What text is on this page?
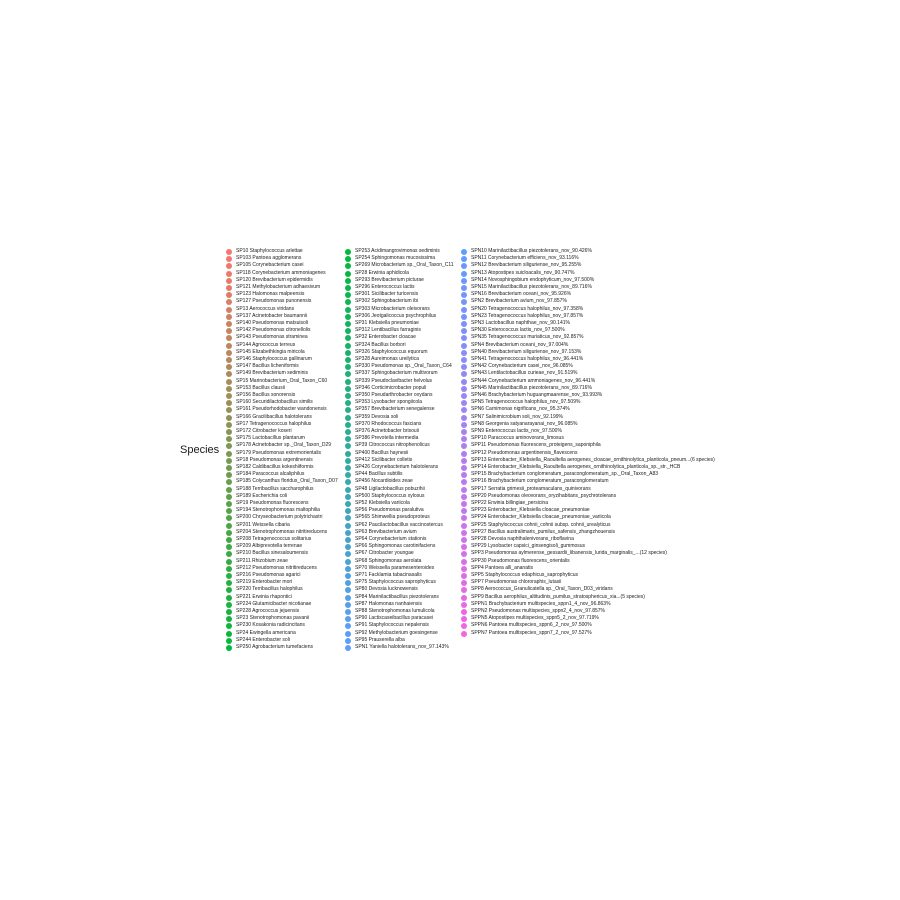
Species
SP10 Staphylococcus arlettae
SP103 Pantoea agglomerans
SP105 Corynebacterium casei
SP118 Corynebacterium ammoniagenes
SP120 Brevibacterium epidermidis
SP121 Methylobacterium adhaesivum
SP123 Halomonas malpeensis
SP127 Pseudomonas punonensis
SP13 Aerococcus viridans
SP137 Acinetobacter baumannii
SP140 Pseudomonas matsuisoli
SP142 Pseudomonas citronellolis
SP143 Pseudomonas straminea
SP144 Agrococcus terreus
SP145 Elizabethkingia miricola
SP146 Staphylococcus gallinarum
SP147 Bacillus licheniformis
SP149 Brevibacterium sediminis
SP15 Marinobacterium_Oral_Taxon_C60
SP153 Bacillus clausii
SP156 Bacillus sonorensis
SP160 Securidilactobacillus similis
SP161 Pseudorhodobacter wandonensis
SP166 Gracilibacillus halotolerans
SP17 Tetragenococcus halophilus
SP172 Citrobacter koseri
SP175 Lactobacillus plantarum
SP178 Acinetobacter sp._Oral_Taxon_D29
SP179 Pseudomonas extremorientalis
SP18 Pseudomonas argentinensis
SP182 Caldibacillus kokeshiiformis
SP184 Paracoccus alcaliphilus
SP185 Colycanthus floridus_Oral_Taxon_D07
SP188 Terribacillus saccharophilus
SP189 Escherichia coli
SP19 Pseudomonas fluorescens
SP194 Stenotrophomonas maltophilia
SP200 Chryseobacterium polytrichastri
SP201 Weissella cibaria
SP204 Stenotrophomonas nitritireducens
SP208 Tetragenococcus solitarius
SP209 Albiprevotella terrenae
SP210 Bacillus sinesaloumensis
SP211 Rhizobium zeae
SP212 Pseudomonas nitritireducens
SP216 Pseudomonas agarici
SP219 Enterobacter mori
SP220 Terribacillus halophilus
SP221 Erwinia rhapontici
SP224 Glutamicibacter nicotianae
SP228 Agrococcus jejuensis
SP23 Stenotrophomonas pavanii
SP230 Kosakonia radicincitans
SP24 Ewingella americana
SP244 Enterobacter soli
SP250 Agrobacterium tumefaciens
SP253 Acidimangrovimonas sediminis
SP254 Sphingomonas mucosissima
SP269 Microbacterium sp._Oral_Taxon_C11
SP28 Erwinia aphidicola
SP293 Brevibacterium picturae
SP296 Enterococcus lactis
SP301 Sicilibacter turicensis
SP302 Sphingobacterium ibi
SP303 Microbacterium oleivorans
SP306 Jeotgalicoccus psychrophilus
SP31 Klebsiella pneumoniae
SP312 Lentibacillus farraginis
SP32 Enterobacter cloacae
SP324 Bacillus borbori
SP326 Staphylococcus equorum
SP328 Aureimonas ureilytica
SP330 Pseudomonas sp._Oral_Taxon_C64
SP337 Sphingobacterium multivorum
SP339 Pseudoclavibacter helvolus
SP346 Corticimicrobacter populi
SP350 Pseudarthrobacter oxydans
SP353 Lysobacter spongiicola
SP357 Brevibacterium senegalense
SP359 Devosia soli
SP370 Rhodococcus fascians
SP376 Acinetobacter brisouii
SP386 Prevotella intermedia
SP39 Citrococcus nitrophenolicus
SP400 Bacillus haynesii
SP412 Sicilibacter colletis
SP426 Corynebacterium halotolerans
SP44 Bacillus subtilis
SP456 Nocardioides zeae
SP48 Ligilactobacillus pobuzihii
SP500 Staphylococcus xylosus
SP52 Klebsiella variicola
SP56 Pseudomonas paralutiva
SP565 Shimwellia pseudoproteus
SP62 Paucilactobacillus vaccinostercus
SP63 Brevibacterium avium
SP64 Corynebacterium stationis
SP66 Sphingomonas carotinifaciens
SP67 Citrobacter youngae
SP68 Sphingomonas aerolata
SP70 Weissella paramesenteroides
SP71 Facklamia tabacinasalis
SP75 Staphylococcus saprophyticus
SP80 Devosia lucknowensis
SP84 Marinilactibacillus piezotolerans
SP87 Halomonas nanhaiensis
SP88 Stenotrophomonas lumulicola
SP90 Lactiscaseibacillus paracasei
SP91 Staphylococcus nepalensis
SP92 Methylobacterium goesingense
SP95 Prauserella alba
SPN1 Yaniella halotolerans_nov_97.143%
SPN10 Marinilactibacillus piezotolerans_nov_90.426%
SPN11 Corynebacterium efficiens_nov_93.116%
SPN12 Brevibacterium siliguriense_nov_95.255%
SPN13 Atopostipes suicloacalis_nov_90.747%
SPN14 Novosphingobium endophyticum_nov_97.500%
SPN15 Marinilactibacillus piezotolerans_nov_89.716%
SPN16 Brevibacterium oceani_nov_95.926%
SPN2 Brevibacterium avium_nov_97.857%
SPN20 Tetragenococcus halophilus_nov_97.358%
SPN23 Tetragenococcus halophilus_nov_97.857%
SPN3 Lactobacillus naphthae_nov_90.141%
SPN30 Enterococcus lactis_nov_97.500%
SPN35 Tetragenococcus muriaticus_nov_92.857%
SPN4 Brevibacterium oceani_nov_97.004%
SPN40 Brevibacterium siliguriense_nov_97.153%
SPN41 Tetragenococcus halophilus_nov_96.441%
SPN42 Corynebacterium casei_nov_96.085%
SPN43 Lentilactobacillus curieae_nov_91.519%
SPN44 Corynebacterium ammoniagenes_nov_96.441%
SPN45 Marinilactibacillus piezotolerans_nov_89.716%
SPN46 Brachybacterium huguangmaarense_nov_93.993%
SPN5 Tetragenococcus halophilus_nov_97.509%
SPN6 Carnimonas nigrificans_nov_95.374%
SPN7 Salinimicrobium soli_nov_92.199%
SPN8 Georgenia satyanarayanai_nov_96.085%
SPN9 Enterococcus lactis_nov_97.500%
SPP10 Paracoccus aminovorans_limosus
SPP11 Pseudomonas fluorescens_proteigens_saponiphila
SPP12 Pseudomonas argentinensis_flavescens
SPP13 Enterobacter_Klebsiella_Raoultella aerogenes_cloacae_ornithinolytica_planticola_pneum...(6 species)
SPP14 Enterobacter_Klebsiella_Raoultella aerogenes_ornithinolytica_planticola_sp._str._HCB
SPP15 Brachybacterium conglomeratum_paraconglomeratum_sp._Oral_Taxon_A83
SPP16 Brachybacterium conglomeratum_paraconglomeratum
SPP17 Serratia grimesii_proteamaculans_quinivorans
SPP20 Pseudomonas oleovorans_oryzihabitans_psychrotolerans
SPP22 Erwinia billingiae_persicina
SPP23 Enterobacter_Klebsiella cloacae_pneumoniae
SPP24 Enterobacter_Klebsiella cloacae_pneumoniae_variicola
SPP25 Staphylococcus cohnii_cohnii subsp. cohnii_urealyticus
SPP27 Bacillus australimaris_pumilus_safensis_zhangzhouensis
SPP28 Devosia naphthalenivorans_riboflavina
SPP29 Lysobacter capsici_ginsengisoli_gummosus
SPP3 Pseudomonas aylmerense_gessardii_libanensis_lurida_marginalis_...(12 species)
SPP30 Pseudomonas fluorescens_orientalis
SPP4 Pantoea alli_ananatis
SPP5 Staphylococcus edaphicus_saprophyticus
SPP7 Pseudomonas chlororaphis_lutasii
SPP8 Aerococcus_Granulicatella sp._Oral_Taxon_D03_viridans
SPP9 Bacillus aerophilus_altitudinis_pumilus_stratosphericus_xia...(5 species)
SPPN1 Brachybacterium multispecies_sppn1_4_nov_96.863%
SPPN2 Pseudomonas multispecies_sppn2_4_nov_97.857%
SPPN5 Atopostipes multispecies_sppn5_2_nov_97.719%
SPPN6 Pantoea multispecies_sppn6_2_nov_97.500%
SPPN7 Pantoea multispecies_sppn7_2_nov_97.527%
